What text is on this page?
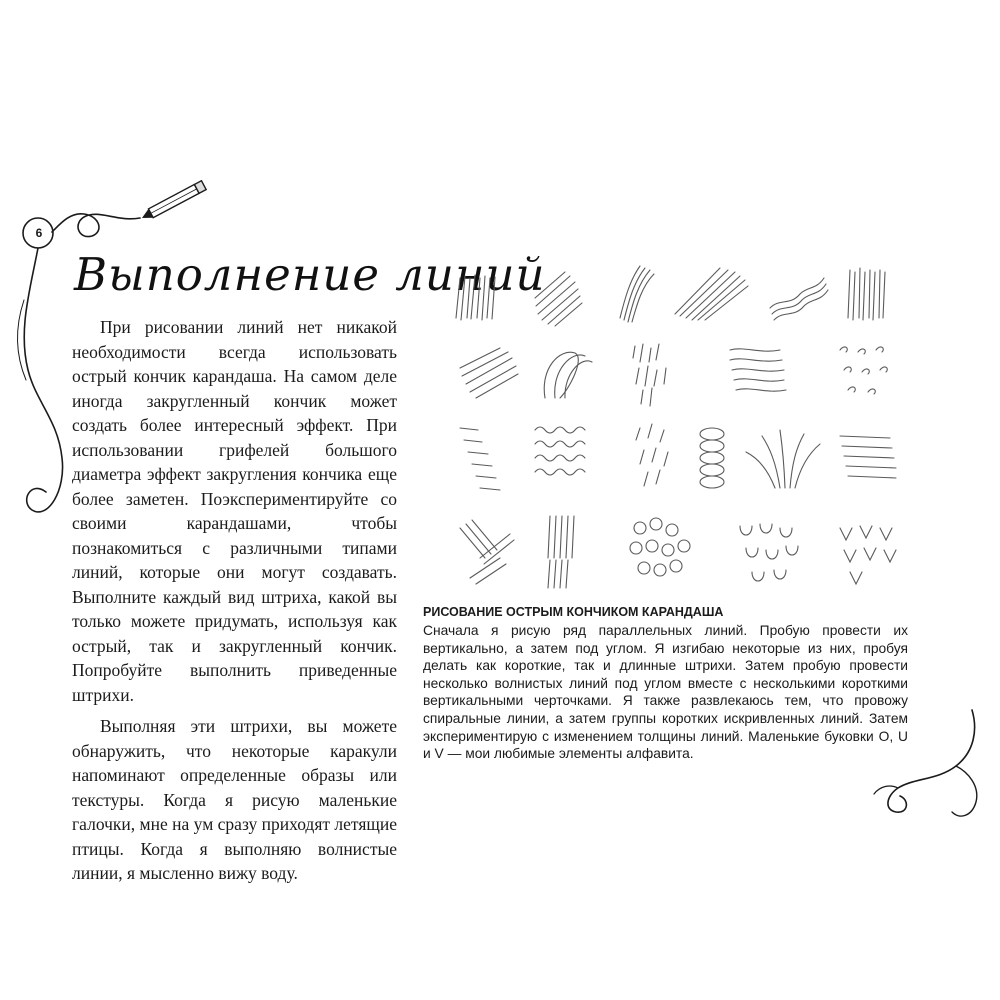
6
Выполнение линий

При рисовании линий нет никакой необходимости всегда использовать острый кончик карандаша. На самом деле иногда закругленный кончик может создать более интересный эффект. При использовании грифелей большого диаметра эффект закругления кончика еще более заметен. Поэкспериментируйте со своими карандашами, чтобы познакомиться с различными типами линий, которые они могут создавать. Выполните каждый вид штриха, какой вы только можете придумать, используя как острый, так и закругленный кончик. Попробуйте выполнить приведенные штрихи.

Выполняя эти штрихи, вы можете обнаружить, что некоторые каракули напоминают определенные образы или текстуры. Когда я рисую маленькие галочки, мне на ум сразу приходят летящие птицы. Когда я выполняю волнистые линии, я мысленно вижу воду.

РИСОВАНИЕ ОСТРЫМ КОНЧИКОМ КАРАНДАША
Сначала я рисую ряд параллельных линий. Пробую провести их вертикально, а затем под углом. Я изгибаю некоторые из них, пробуя делать как короткие, так и длинные штрихи. Затем пробую провести несколько волнистых линий под углом вместе с несколькими короткими вертикальными черточками. Я также развлекаюсь тем, что провожу спиральные линии, а затем группы коротких искривленных линий. Затем экспериментирую с изменением толщины линий. Маленькие буковки О, U и V — мои любимые элементы алфавита.
